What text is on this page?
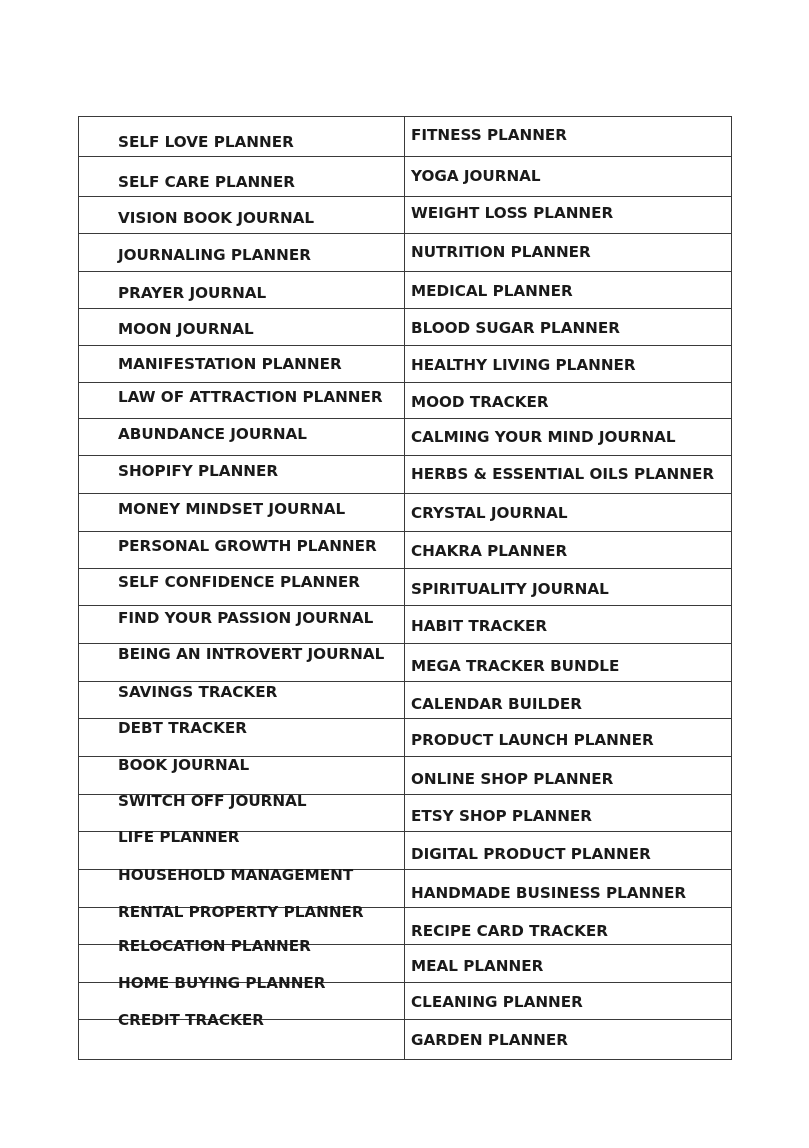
SELF LOVE PLANNER
SELF CARE PLANNER
VISION BOOK JOURNAL
JOURNALING PLANNER
PRAYER JOURNAL
MOON JOURNAL
MANIFESTATION PLANNER
LAW OF ATTRACTION PLANNER
ABUNDANCE JOURNAL
SHOPIFY PLANNER
MONEY MINDSET JOURNAL
PERSONAL GROWTH PLANNER
SELF CONFIDENCE PLANNER
FIND YOUR PASSION JOURNAL
BEING AN INTROVERT JOURNAL
SAVINGS TRACKER
DEBT TRACKER
BOOK JOURNAL
SWITCH OFF JOURNAL
LIFE PLANNER
HOUSEHOLD MANAGEMENT
RENTAL PROPERTY PLANNER
RELOCATION PLANNER
HOME BUYING PLANNER
CREDIT TRACKER
FITNESS PLANNER
YOGA JOURNAL
WEIGHT LOSS PLANNER
NUTRITION PLANNER
MEDICAL PLANNER
BLOOD SUGAR PLANNER
HEALTHY LIVING PLANNER
MOOD TRACKER
CALMING YOUR MIND JOURNAL
HERBS & ESSENTIAL OILS PLANNER
CRYSTAL JOURNAL
CHAKRA PLANNER
SPIRITUALITY JOURNAL
HABIT TRACKER
MEGA TRACKER BUNDLE
CALENDAR BUILDER
PRODUCT LAUNCH PLANNER
ONLINE SHOP PLANNER
ETSY SHOP PLANNER
DIGITAL PRODUCT PLANNER
HANDMADE BUSINESS PLANNER
RECIPE CARD TRACKER
MEAL PLANNER
CLEANING PLANNER
GARDEN PLANNER
